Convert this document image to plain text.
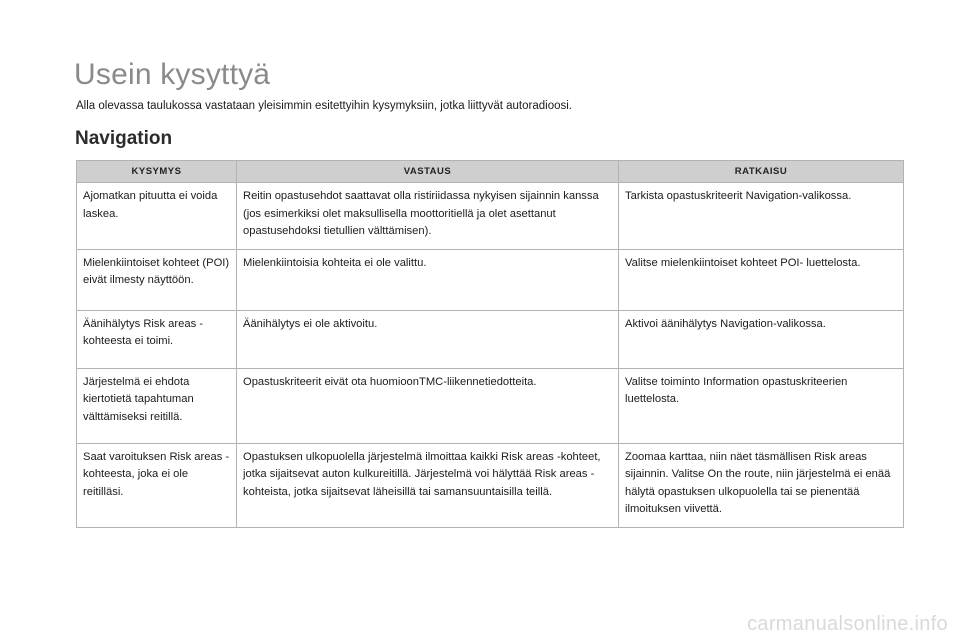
Usein kysyttyä

Alla olevassa taulukossa vastataan yleisimmin esitettyihin kysymyksiin, jotka liittyvät autoradioosi.

Navigation
KYSYMYS	VASTAUS	RATKAISU
Ajomatkan pituutta ei voida laskea.	Reitin opastusehdot saattavat olla ristiriidassa nykyisen sijainnin kanssa (jos esimerkiksi olet maksullisella moottoritiellä ja olet asettanut opastusehdoksi tietullien välttämisen).	Tarkista opastuskriteerit Navigation-valikossa.
Mielenkiintoiset kohteet (POI) eivät ilmesty näyttöön.	Mielenkiintoisia kohteita ei ole valittu.	Valitse mielenkiintoiset kohteet POI- luettelosta.
Äänihälytys Risk areas -kohteesta ei toimi.	Äänihälytys ei ole aktivoitu.	Aktivoi äänihälytys Navigation-valikossa.
Järjestelmä ei ehdota kiertotietä tapahtuman välttämiseksi reitillä.	Opastuskriteerit eivät ota huomioonTMC-liikennetiedotteita.	Valitse toiminto Information opastuskriteerien luettelosta.
Saat varoituksen Risk areas -kohteesta, joka ei ole reitilläsi.	Opastuksen ulkopuolella järjestelmä ilmoittaa kaikki Risk areas -kohteet, jotka sijaitsevat auton kulkureitillä. Järjestelmä voi hälyttää Risk areas -kohteista, jotka sijaitsevat läheisillä tai samansuuntaisilla teillä.	Zoomaa karttaa, niin näet täsmällisen Risk areas sijainnin. Valitse On the route, niin järjestelmä ei enää hälytä opastuksen ulkopuolella tai se pienentää ilmoituksen viivettä.
carmanualsonline.info
